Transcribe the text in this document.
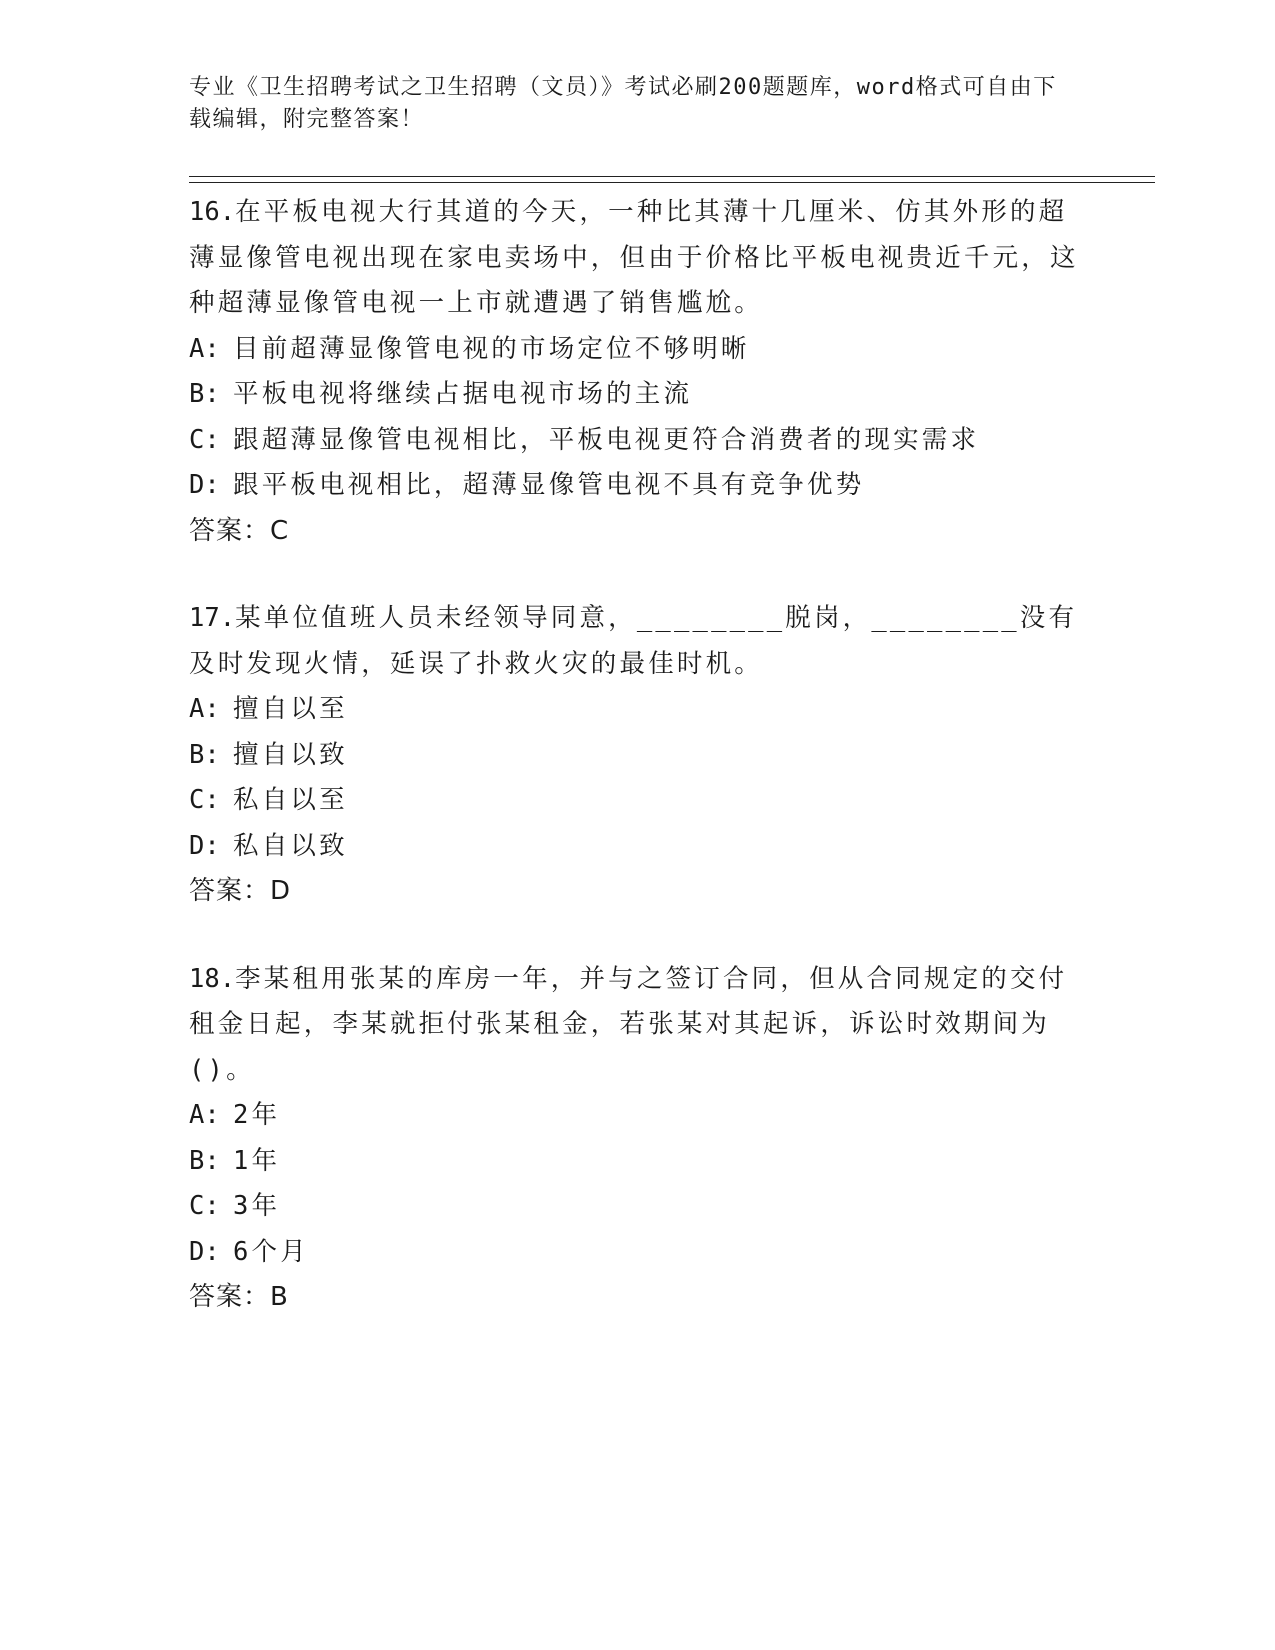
专业《卫生招聘考试之卫生招聘（文员）》考试必刷200题题库，word格式可自由下载编辑，附完整答案！
16.在平板电视大行其道的今天，一种比其薄十几厘米、仿其外形的超薄显像管电视出现在家电卖场中，但由于价格比平板电视贵近千元，这种超薄显像管电视一上市就遭遇了销售尴尬。
A: 目前超薄显像管电视的市场定位不够明晰
B: 平板电视将继续占据电视市场的主流
C: 跟超薄显像管电视相比，平板电视更符合消费者的现实需求
D: 跟平板电视相比，超薄显像管电视不具有竞争优势
答案：C
17.某单位值班人员未经领导同意，________脱岗，________没有及时发现火情，延误了扑救火灾的最佳时机。
A: 擅自以至
B: 擅自以致
C: 私自以至
D: 私自以致
答案：D
18.李某租用张某的库房一年，并与之签订合同，但从合同规定的交付租金日起，李某就拒付张某租金，若张某对其起诉，诉讼时效期间为()。
A: 2年
B: 1年
C: 3年
D: 6个月
答案：B
